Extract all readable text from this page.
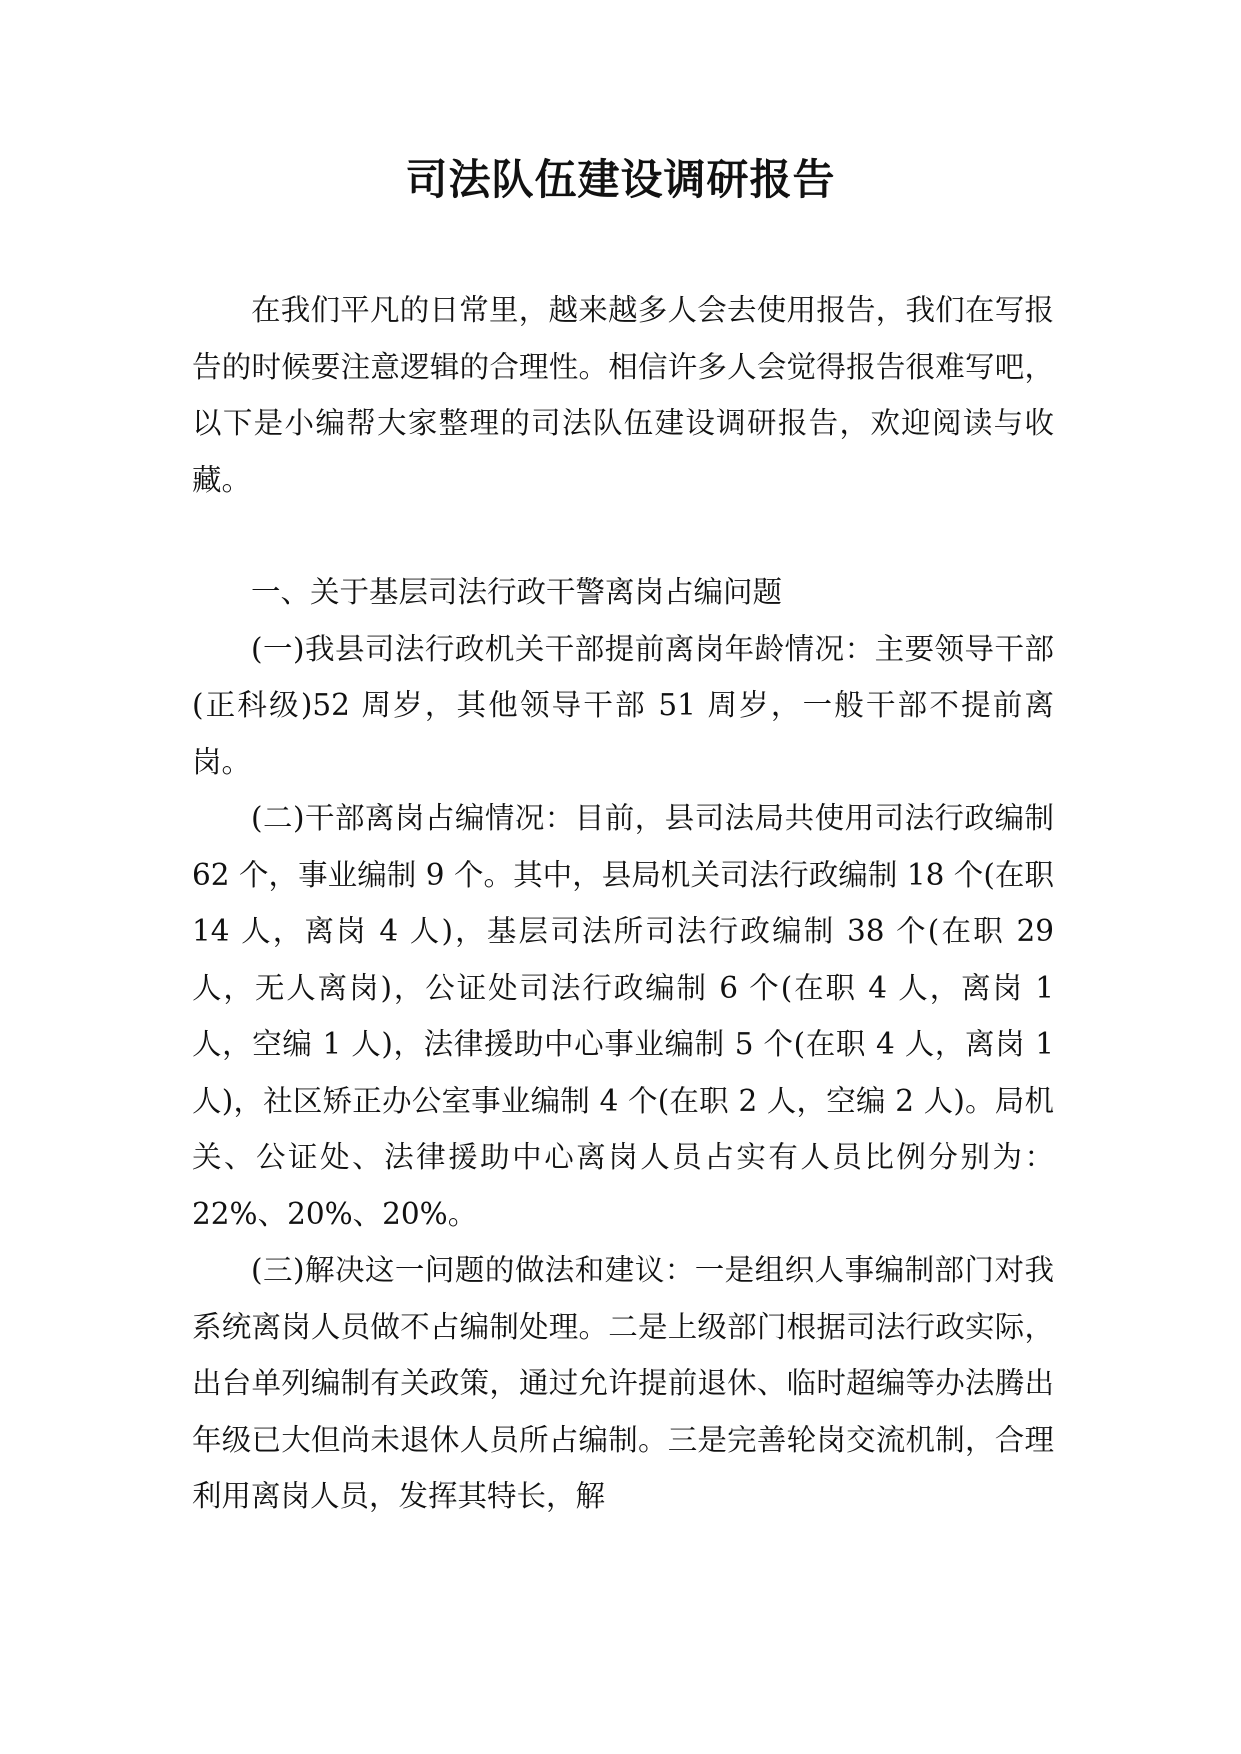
司法队伍建设调研报告

在我们平凡的日常里，越来越多人会去使用报告，我们在写报告的时候要注意逻辑的合理性。相信许多人会觉得报告很难写吧，以下是小编帮大家整理的司法队伍建设调研报告，欢迎阅读与收藏。

一、关于基层司法行政干警离岗占编问题

(一)我县司法行政机关干部提前离岗年龄情况：主要领导干部(正科级)52 周岁，其他领导干部 51 周岁，一般干部不提前离岗。

(二)干部离岗占编情况：目前，县司法局共使用司法行政编制 62 个，事业编制 9 个。其中，县局机关司法行政编制 18 个(在职 14 人，离岗 4 人)，基层司法所司法行政编制 38 个(在职 29 人，无人离岗)，公证处司法行政编制 6 个(在职 4 人，离岗 1 人，空编 1 人)，法律援助中心事业编制 5 个(在职 4 人，离岗 1 人)，社区矫正办公室事业编制 4 个(在职 2 人，空编 2 人)。局机关、公证处、法律援助中心离岗人员占实有人员比例分别为：22%、20%、20%。

(三)解决这一问题的做法和建议：一是组织人事编制部门对我系统离岗人员做不占编制处理。二是上级部门根据司法行政实际，出台单列编制有关政策，通过允许提前退休、临时超编等办法腾出年级已大但尚未退休人员所占编制。三是完善轮岗交流机制，合理利用离岗人员，发挥其特长，解
